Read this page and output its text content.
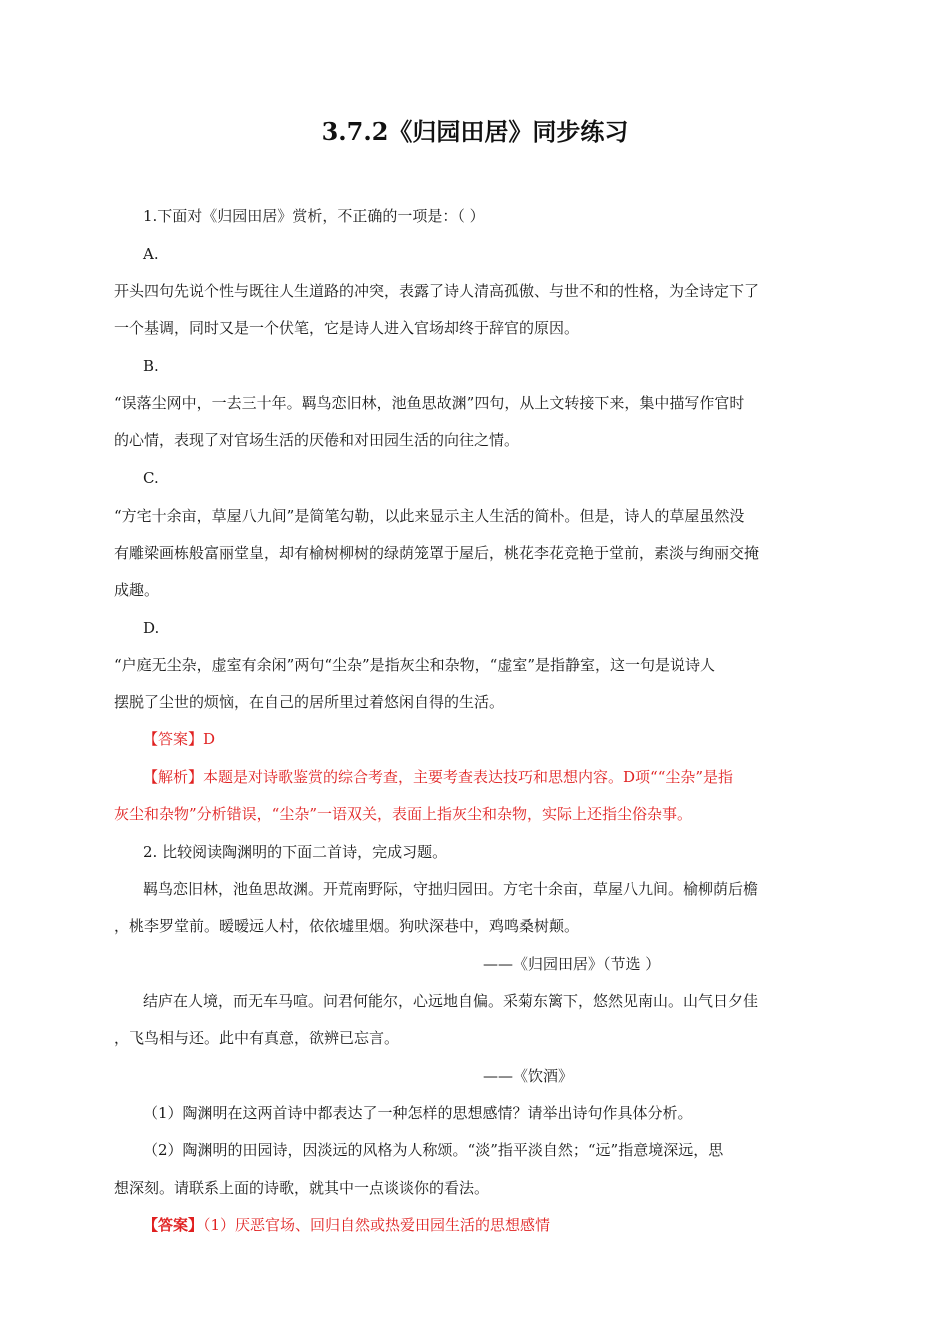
3.7.2《归园田居》同步练习
1.下面对《归园田居》赏析，不正确的一项是：（ ）
A.
开头四句先说个性与既往人生道路的冲突，表露了诗人清高孤傲、与世不和的性格，为全诗定下了
一个基调，同时又是一个伏笔，它是诗人进入官场却终于辞官的原因。
B.
“误落尘网中，一去三十年。羁鸟恋旧林，池鱼思故渊”四句，从上文转接下来，集中描写作官时
的心情，表现了对官场生活的厌倦和对田园生活的向往之情。
C.
“方宅十余亩，草屋八九间”是简笔勾勒，以此来显示主人生活的简朴。但是，诗人的草屋虽然没
有雕梁画栋般富丽堂皇，却有榆树柳树的绿荫笼罩于屋后，桃花李花竞艳于堂前，素淡与绚丽交掩
成趣。
D.
“户庭无尘杂，虚室有余闲”两句“尘杂”是指灰尘和杂物，“虚室”是指静室，这一句是说诗人
摆脱了尘世的烦恼，在自己的居所里过着悠闲自得的生活。
【答案】D
【解析】本题是对诗歌鉴赏的综合考查，主要考查表达技巧和思想内容。D项““尘杂”是指
灰尘和杂物”分析错误，“尘杂”一语双关，表面上指灰尘和杂物，实际上还指尘俗杂事。
2. 比较阅读陶渊明的下面二首诗，完成习题。
羁鸟恋旧林，池鱼思故渊。开荒南野际，守拙归园田。方宅十余亩，草屋八九间。榆柳荫后檐
，桃李罗堂前。暧暧远人村，依依墟里烟。狗吠深巷中，鸡鸣桑树颠。
——《归园田居》（节选 ）
结庐在人境，而无车马喧。问君何能尔，心远地自偏。采菊东篱下，悠然见南山。山气日夕佳
，飞鸟相与还。此中有真意，欲辨已忘言。
——《饮酒》
（1）陶渊明在这两首诗中都表达了一种怎样的思想感情？请举出诗句作具体分析。
（2）陶渊明的田园诗，因淡远的风格为人称颂。“淡”指平淡自然；“远”指意境深远，思
想深刻。请联系上面的诗歌，就其中一点谈谈你的看法。
【答案】（1）厌恶官场、回归自然或热爱田园生活的思想感情
